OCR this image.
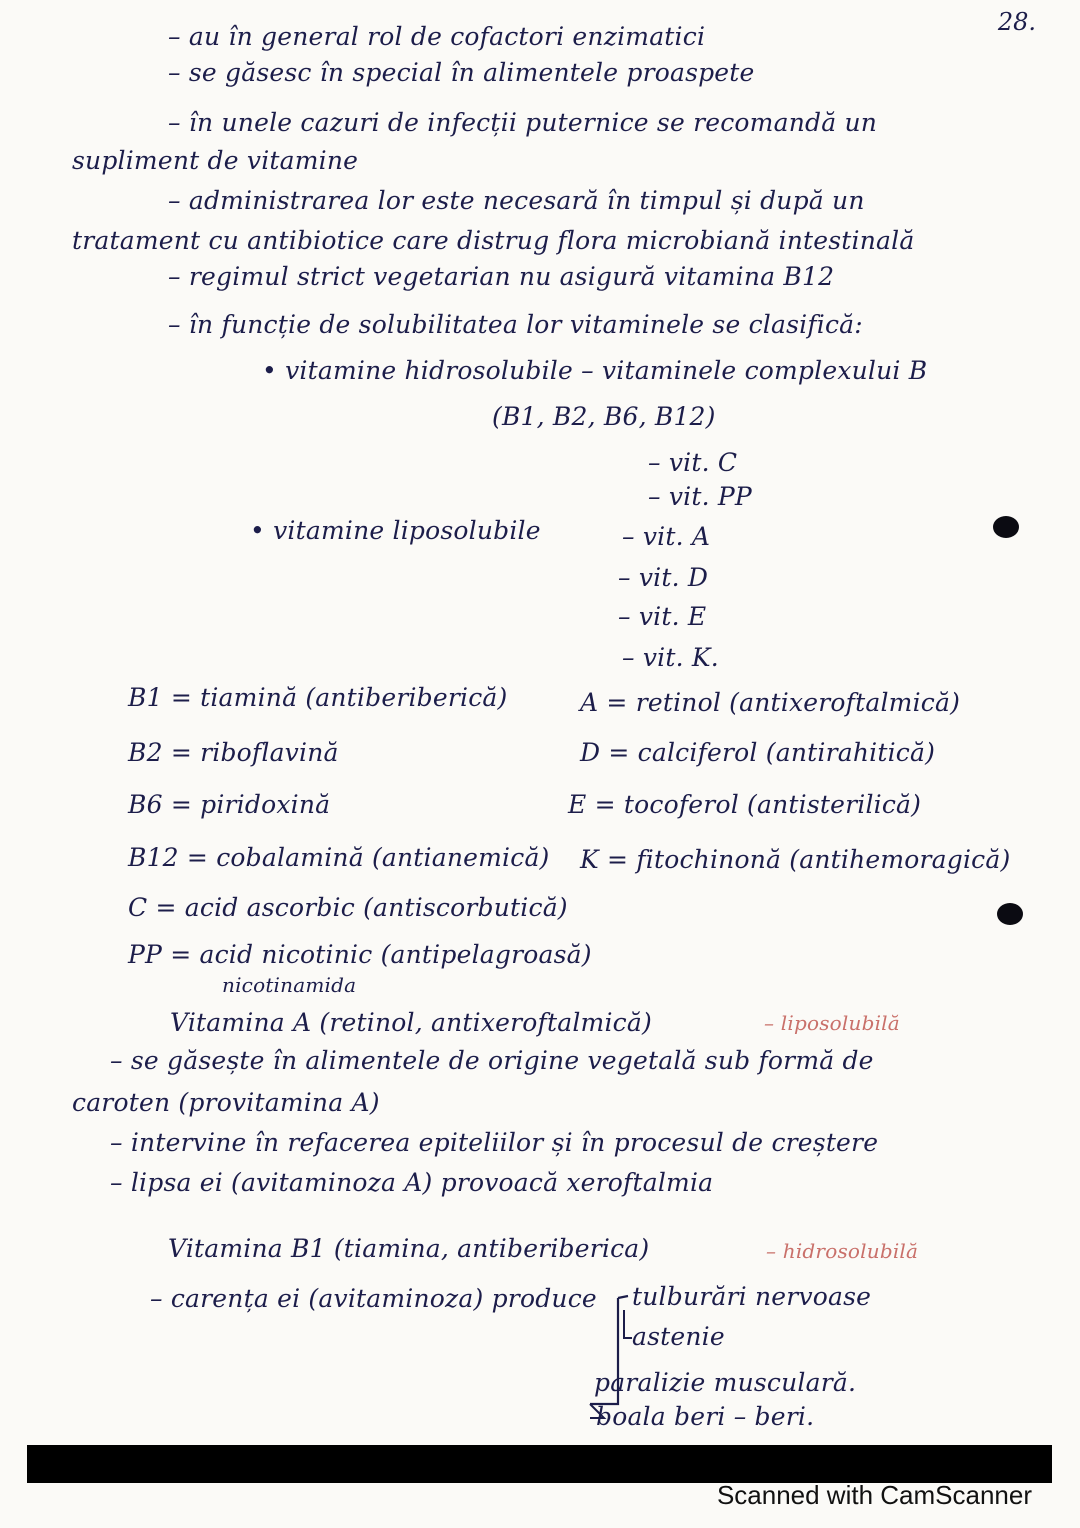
28.
– au în general rol de cofactori enzimatici
– se găsesc în special în alimentele proaspete
– în unele cazuri de infecții puternice se recomandă un
supliment de vitamine
– administrarea lor este necesară în timpul și după un
tratament cu antibiotice care distrug flora microbiană intestinală
– regimul strict vegetarian nu asigură vitamina B12
– în funcție de solubilitatea lor vitaminele se clasifică:
• vitamine hidrosolubile – vitaminele complexului B
(B1, B2, B6, B12)
– vit. C
– vit. PP
• vitamine liposolubile	– vit. A
– vit. D
– vit. E
– vit. K.
B1 = tiamină (antiberiberică)
B2 = riboflavină
B6 = piridoxină
B12 = cobalamină (antianemică)
C = acid ascorbic (antiscorbutică)
PP = acid nicotinic (antipelagroasă)
nicotinamida
A = retinol (antixeroftalmică)
D = calciferol (antirahitică)
E = tocoferol (antisterilică)
K = fitochinonă (antihemoragică)
Vitamina A (retinol, antixeroftalmică)	– liposolubilă
– se găsește în alimentele de origine vegetală sub formă de
caroten (provitamina A)
– intervine în refacerea epiteliilor și în procesul de creștere
– lipsa ei (avitaminoza A) provoacă xeroftalmia
Vitamina B1 (tiamina, antiberiberica)	– hidrosolubilă
– carența ei (avitaminoza) produce tulburări nervoase
astenie
paralizie musculară.
boala beri – beri.
Scanned with CamScanner
